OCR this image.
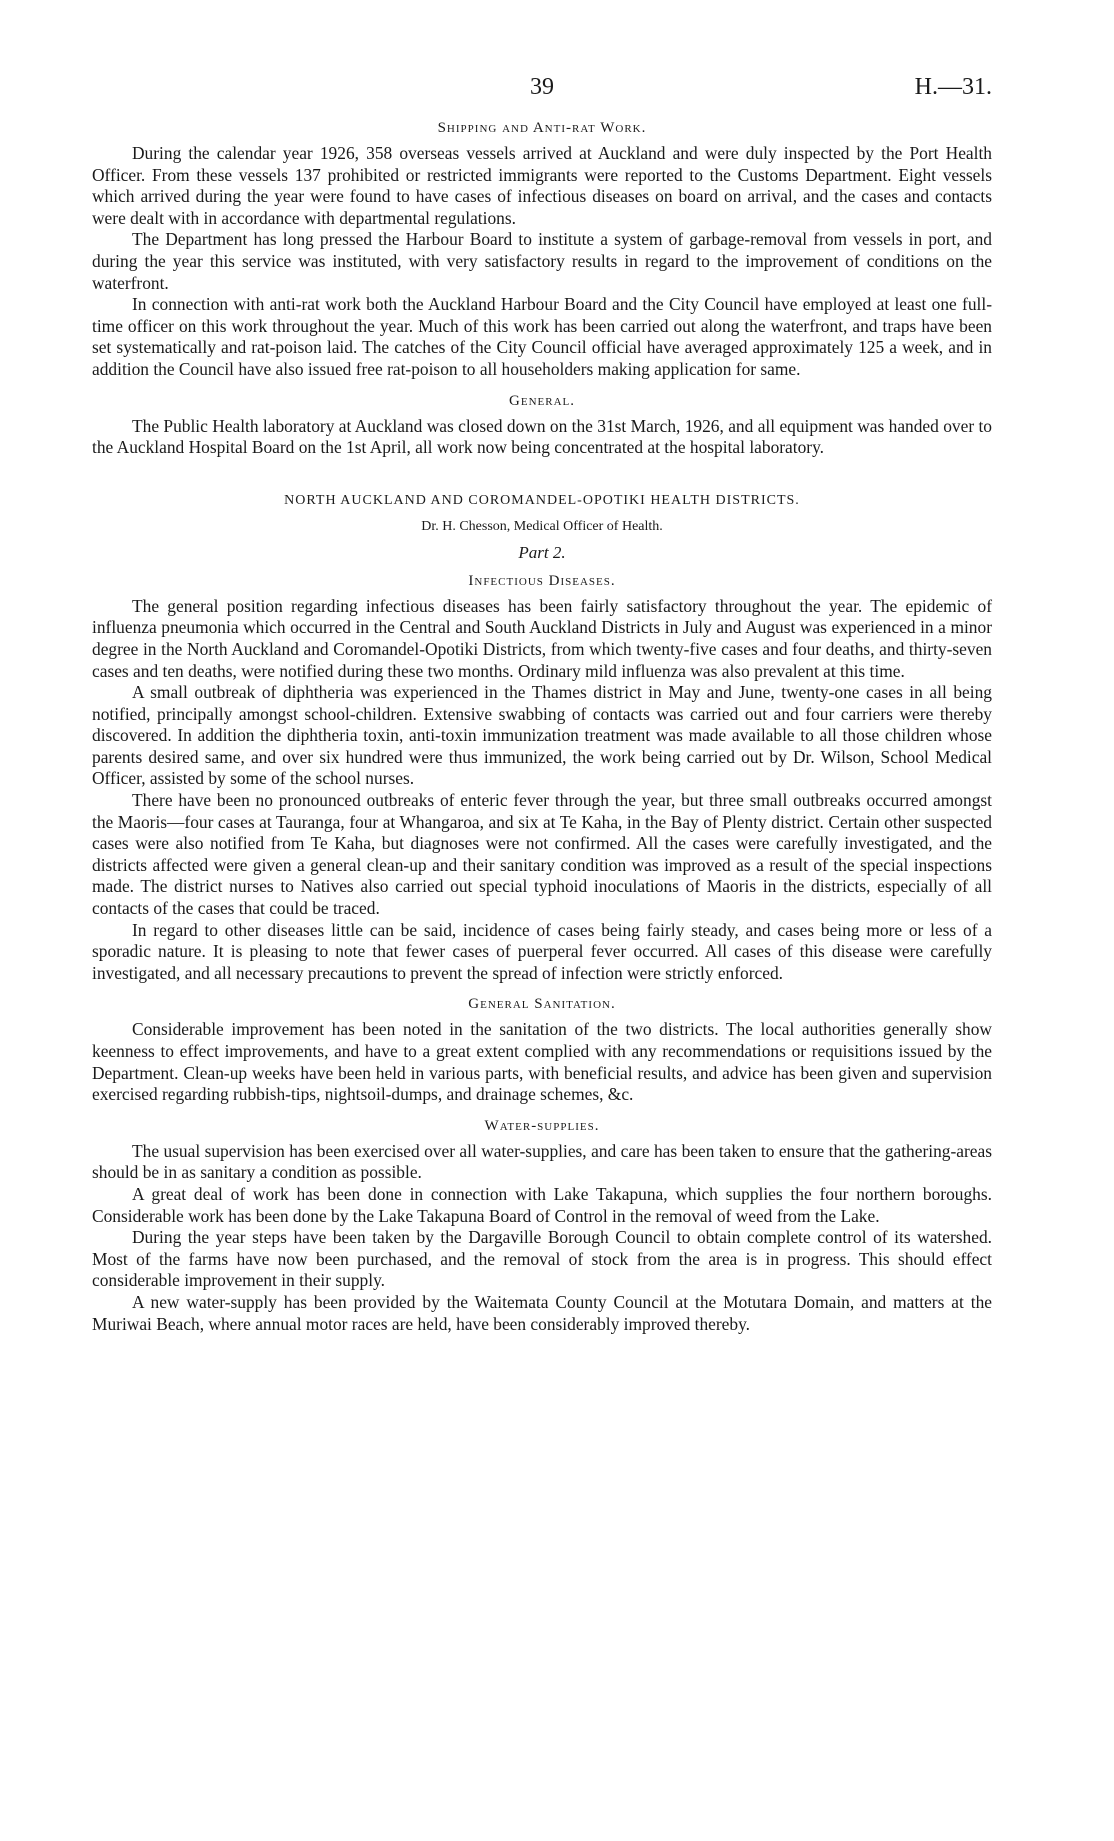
39	H.—31.
Shipping and Anti-rat Work.

During the calendar year 1926, 358 overseas vessels arrived at Auckland and were duly inspected by the Port Health Officer. From these vessels 137 prohibited or restricted immigrants were reported to the Customs Department. Eight vessels which arrived during the year were found to have cases of infectious diseases on board on arrival, and the cases and contacts were dealt with in accordance with departmental regulations.

The Department has long pressed the Harbour Board to institute a system of garbage-removal from vessels in port, and during the year this service was instituted, with very satisfactory results in regard to the improvement of conditions on the waterfront.

In connection with anti-rat work both the Auckland Harbour Board and the City Council have employed at least one full-time officer on this work throughout the year. Much of this work has been carried out along the waterfront, and traps have been set systematically and rat-poison laid. The catches of the City Council official have averaged approximately 125 a week, and in addition the Council have also issued free rat-poison to all householders making application for same.

General.

The Public Health laboratory at Auckland was closed down on the 31st March, 1926, and all equipment was handed over to the Auckland Hospital Board on the 1st April, all work now being concentrated at the hospital laboratory.

NORTH AUCKLAND AND COROMANDEL-OPOTIKI HEALTH DISTRICTS.
Dr. H. Chesson, Medical Officer of Health.
Part 2.
Infectious Diseases.

The general position regarding infectious diseases has been fairly satisfactory throughout the year. The epidemic of influenza pneumonia which occurred in the Central and South Auckland Districts in July and August was experienced in a minor degree in the North Auckland and Coromandel-Opotiki Districts, from which twenty-five cases and four deaths, and thirty-seven cases and ten deaths, were notified during these two months. Ordinary mild influenza was also prevalent at this time.

A small outbreak of diphtheria was experienced in the Thames district in May and June, twenty-one cases in all being notified, principally amongst school-children. Extensive swabbing of contacts was carried out and four carriers were thereby discovered. In addition the diphtheria toxin, anti-toxin immunization treatment was made available to all those children whose parents desired same, and over six hundred were thus immunized, the work being carried out by Dr. Wilson, School Medical Officer, assisted by some of the school nurses.

There have been no pronounced outbreaks of enteric fever through the year, but three small outbreaks occurred amongst the Maoris—four cases at Tauranga, four at Whangaroa, and six at Te Kaha, in the Bay of Plenty district. Certain other suspected cases were also notified from Te Kaha, but diagnoses were not confirmed. All the cases were carefully investigated, and the districts affected were given a general clean-up and their sanitary condition was improved as a result of the special inspections made. The district nurses to Natives also carried out special typhoid inoculations of Maoris in the districts, especially of all contacts of the cases that could be traced.

In regard to other diseases little can be said, incidence of cases being fairly steady, and cases being more or less of a sporadic nature. It is pleasing to note that fewer cases of puerperal fever occurred. All cases of this disease were carefully investigated, and all necessary precautions to prevent the spread of infection were strictly enforced.

General Sanitation.

Considerable improvement has been noted in the sanitation of the two districts. The local authorities generally show keenness to effect improvements, and have to a great extent complied with any recommendations or requisitions issued by the Department. Clean-up weeks have been held in various parts, with beneficial results, and advice has been given and supervision exercised regarding rubbish-tips, nightsoil-dumps, and drainage schemes, &c.

Water-supplies.

The usual supervision has been exercised over all water-supplies, and care has been taken to ensure that the gathering-areas should be in as sanitary a condition as possible.

A great deal of work has been done in connection with Lake Takapuna, which supplies the four northern boroughs. Considerable work has been done by the Lake Takapuna Board of Control in the removal of weed from the Lake.

During the year steps have been taken by the Dargaville Borough Council to obtain complete control of its watershed. Most of the farms have now been purchased, and the removal of stock from the area is in progress. This should effect considerable improvement in their supply.

A new water-supply has been provided by the Waitemata County Council at the Motutara Domain, and matters at the Muriwai Beach, where annual motor races are held, have been considerably improved thereby.
